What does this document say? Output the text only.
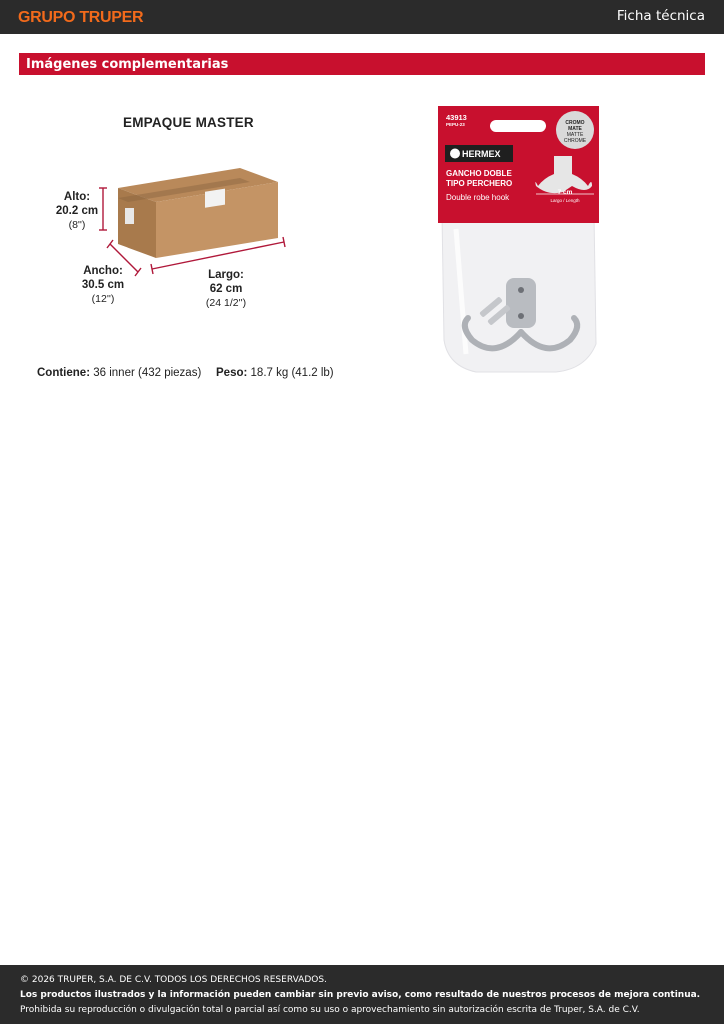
GRUPO TRUPER	Ficha técnica
Imágenes complementarias
EMPAQUE MASTER
Alto:
20.2 cm
(8'')
Ancho:
30.5 cm
(12'')
Largo:
62 cm
(24 1/2'')
Contiene: 36 inner (432 piezas) Peso: 18.7 kg (41.2 lb)
43913
PEPU-23
HERMEX
GANCHO DOBLE
TIPO PERCHERO
Double robe hook
CROMO
MATE
MATTE
CHROME
7 cm
Largo / Length
© 2026 TRUPER, S.A. DE C.V. TODOS LOS DERECHOS RESERVADOS.
Los productos ilustrados y la información pueden cambiar sin previo aviso, como resultado de nuestros procesos de mejora continua.
Prohibida su reproducción o divulgación total o parcial así como su uso o aprovechamiento sin autorización escrita de Truper, S.A. de C.V.
